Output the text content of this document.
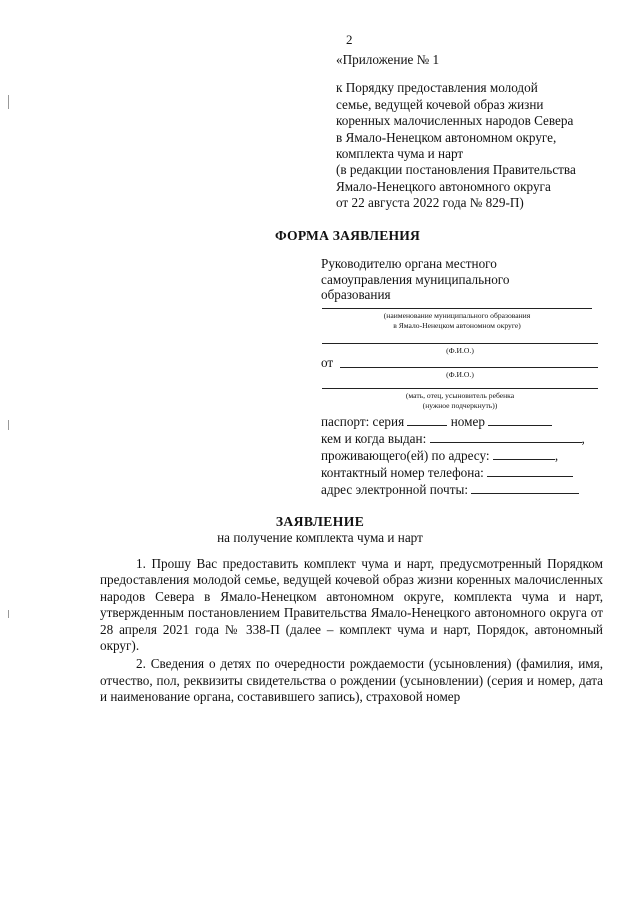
2
«Приложение № 1
к Порядку предоставления молодой
семье, ведущей кочевой образ жизни
коренных малочисленных народов Севера
в Ямало-Ненецком автономном округе,
комплекта чума и нарт
(в редакции постановления Правительства
Ямало-Ненецкого автономного округа
от 22 августа 2022 года № 829-П)
ФОРМА ЗАЯВЛЕНИЯ
Руководителю органа местного
самоуправления муниципального
образования
(наименование муниципального образования
в Ямало-Ненецком автономном округе)
(Ф.И.О.)
от
(Ф.И.О.)
(мать, отец, усыновитель ребенка
(нужное подчеркнуть))
паспорт: серия	номер
кем и когда выдан:	,
проживающего(ей) по адресу:	,
контактный номер телефона:
адрес электронной почты:
ЗАЯВЛЕНИЕ
на получение комплекта чума и нарт

1. Прошу Вас предоставить комплект чума и нарт, предусмотренный Порядком предоставления молодой семье, ведущей кочевой образ жизни коренных малочисленных народов Севера в Ямало-Ненецком автономном округе, комплекта чума и нарт, утвержденным постановлением Правительства Ямало-Ненецкого автономного округа от 28 апреля 2021 года № 338-П (далее – комплект чума и нарт, Порядок, автономный округ).

2. Сведения о детях по очередности рождаемости (усыновления) (фамилия, имя, отчество, пол, реквизиты свидетельства о рождении (усыновлении) (серия и номер, дата и наименование органа, составившего запись), страховой номер
